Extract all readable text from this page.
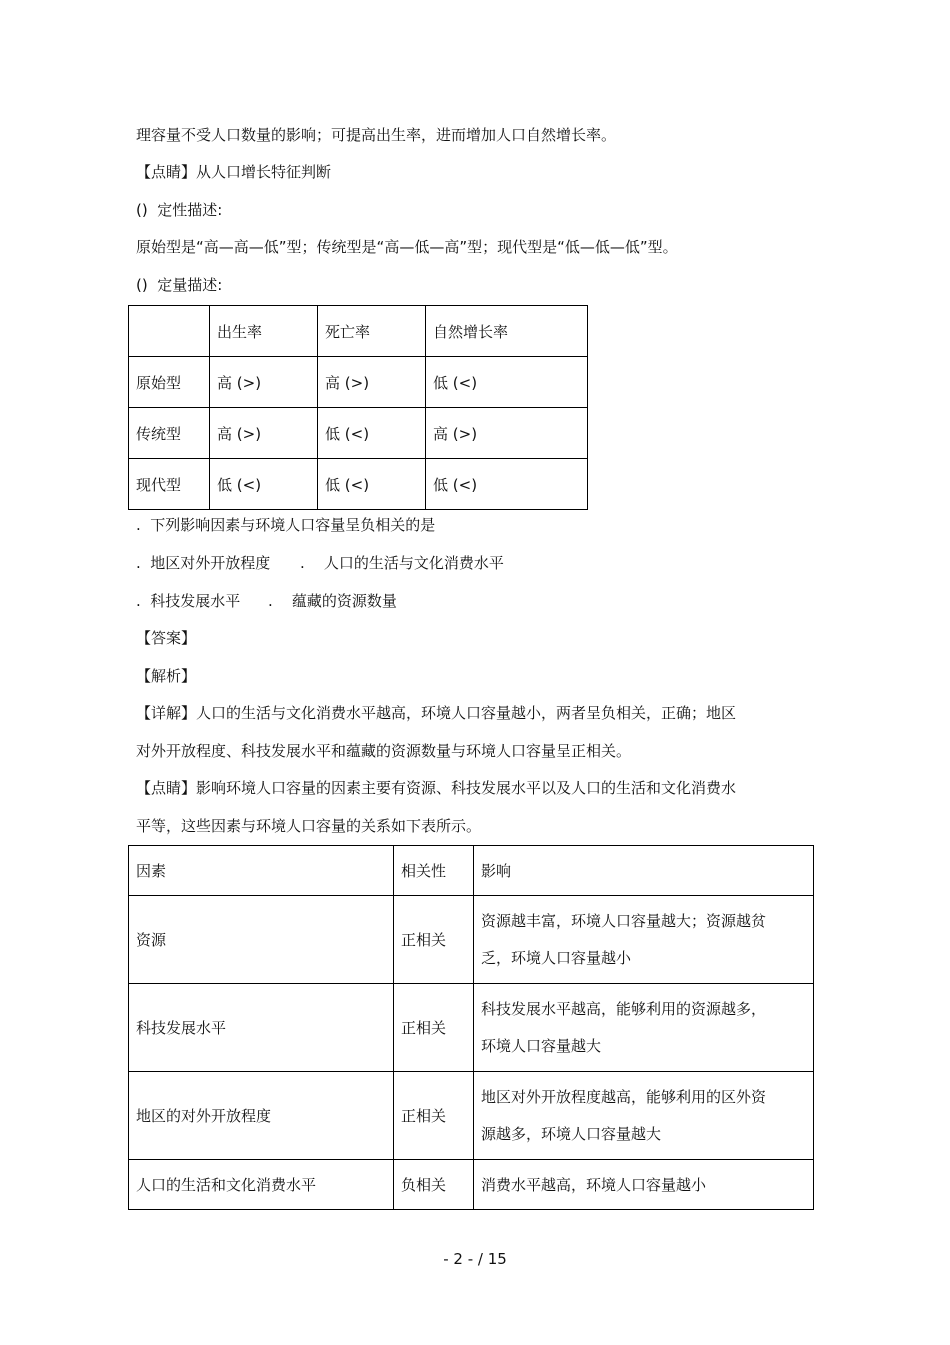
理容量不受人口数量的影响；可提高出生率，进而增加人口自然增长率。
【点睛】从人口增长特征判断
()  定性描述:
原始型是“高—高—低”型；传统型是“高—低—高”型；现代型是“低—低—低”型。
()  定量描述:
	出生率	死亡率	自然增长率
原始型	高 (>)	高 (>)	低 (<)
传统型	高 (>)	低 (<)	高 (>)
现代型	低 (<)	低 (<)	低 (<)
.  下列影响因素与环境人口容量呈负相关的是
.  地区对外开放程度 .    人口的生活与文化消费水平
.  科技发展水平 .    蕴藏的资源数量
【答案】
【解析】
【详解】人口的生活与文化消费水平越高，环境人口容量越小，两者呈负相关，正确；地区
对外开放程度、科技发展水平和蕴藏的资源数量与环境人口容量呈正相关。
【点睛】影响环境人口容量的因素主要有资源、科技发展水平以及人口的生活和文化消费水
平等，这些因素与环境人口容量的关系如下表所示。
因素	相关性	影响
资源	正相关	资源越丰富，环境人口容量越大；资源越贫
乏，环境人口容量越小

科技发展水平	正相关	科技发展水平越高，能够利用的资源越多，
环境人口容量越大

地区的对外开放程度	正相关	地区对外开放程度越高，能够利用的区外资
源越多，环境人口容量越大

人口的生活和文化消费水平	负相关	消费水平越高，环境人口容量越小
- 2 - / 15
